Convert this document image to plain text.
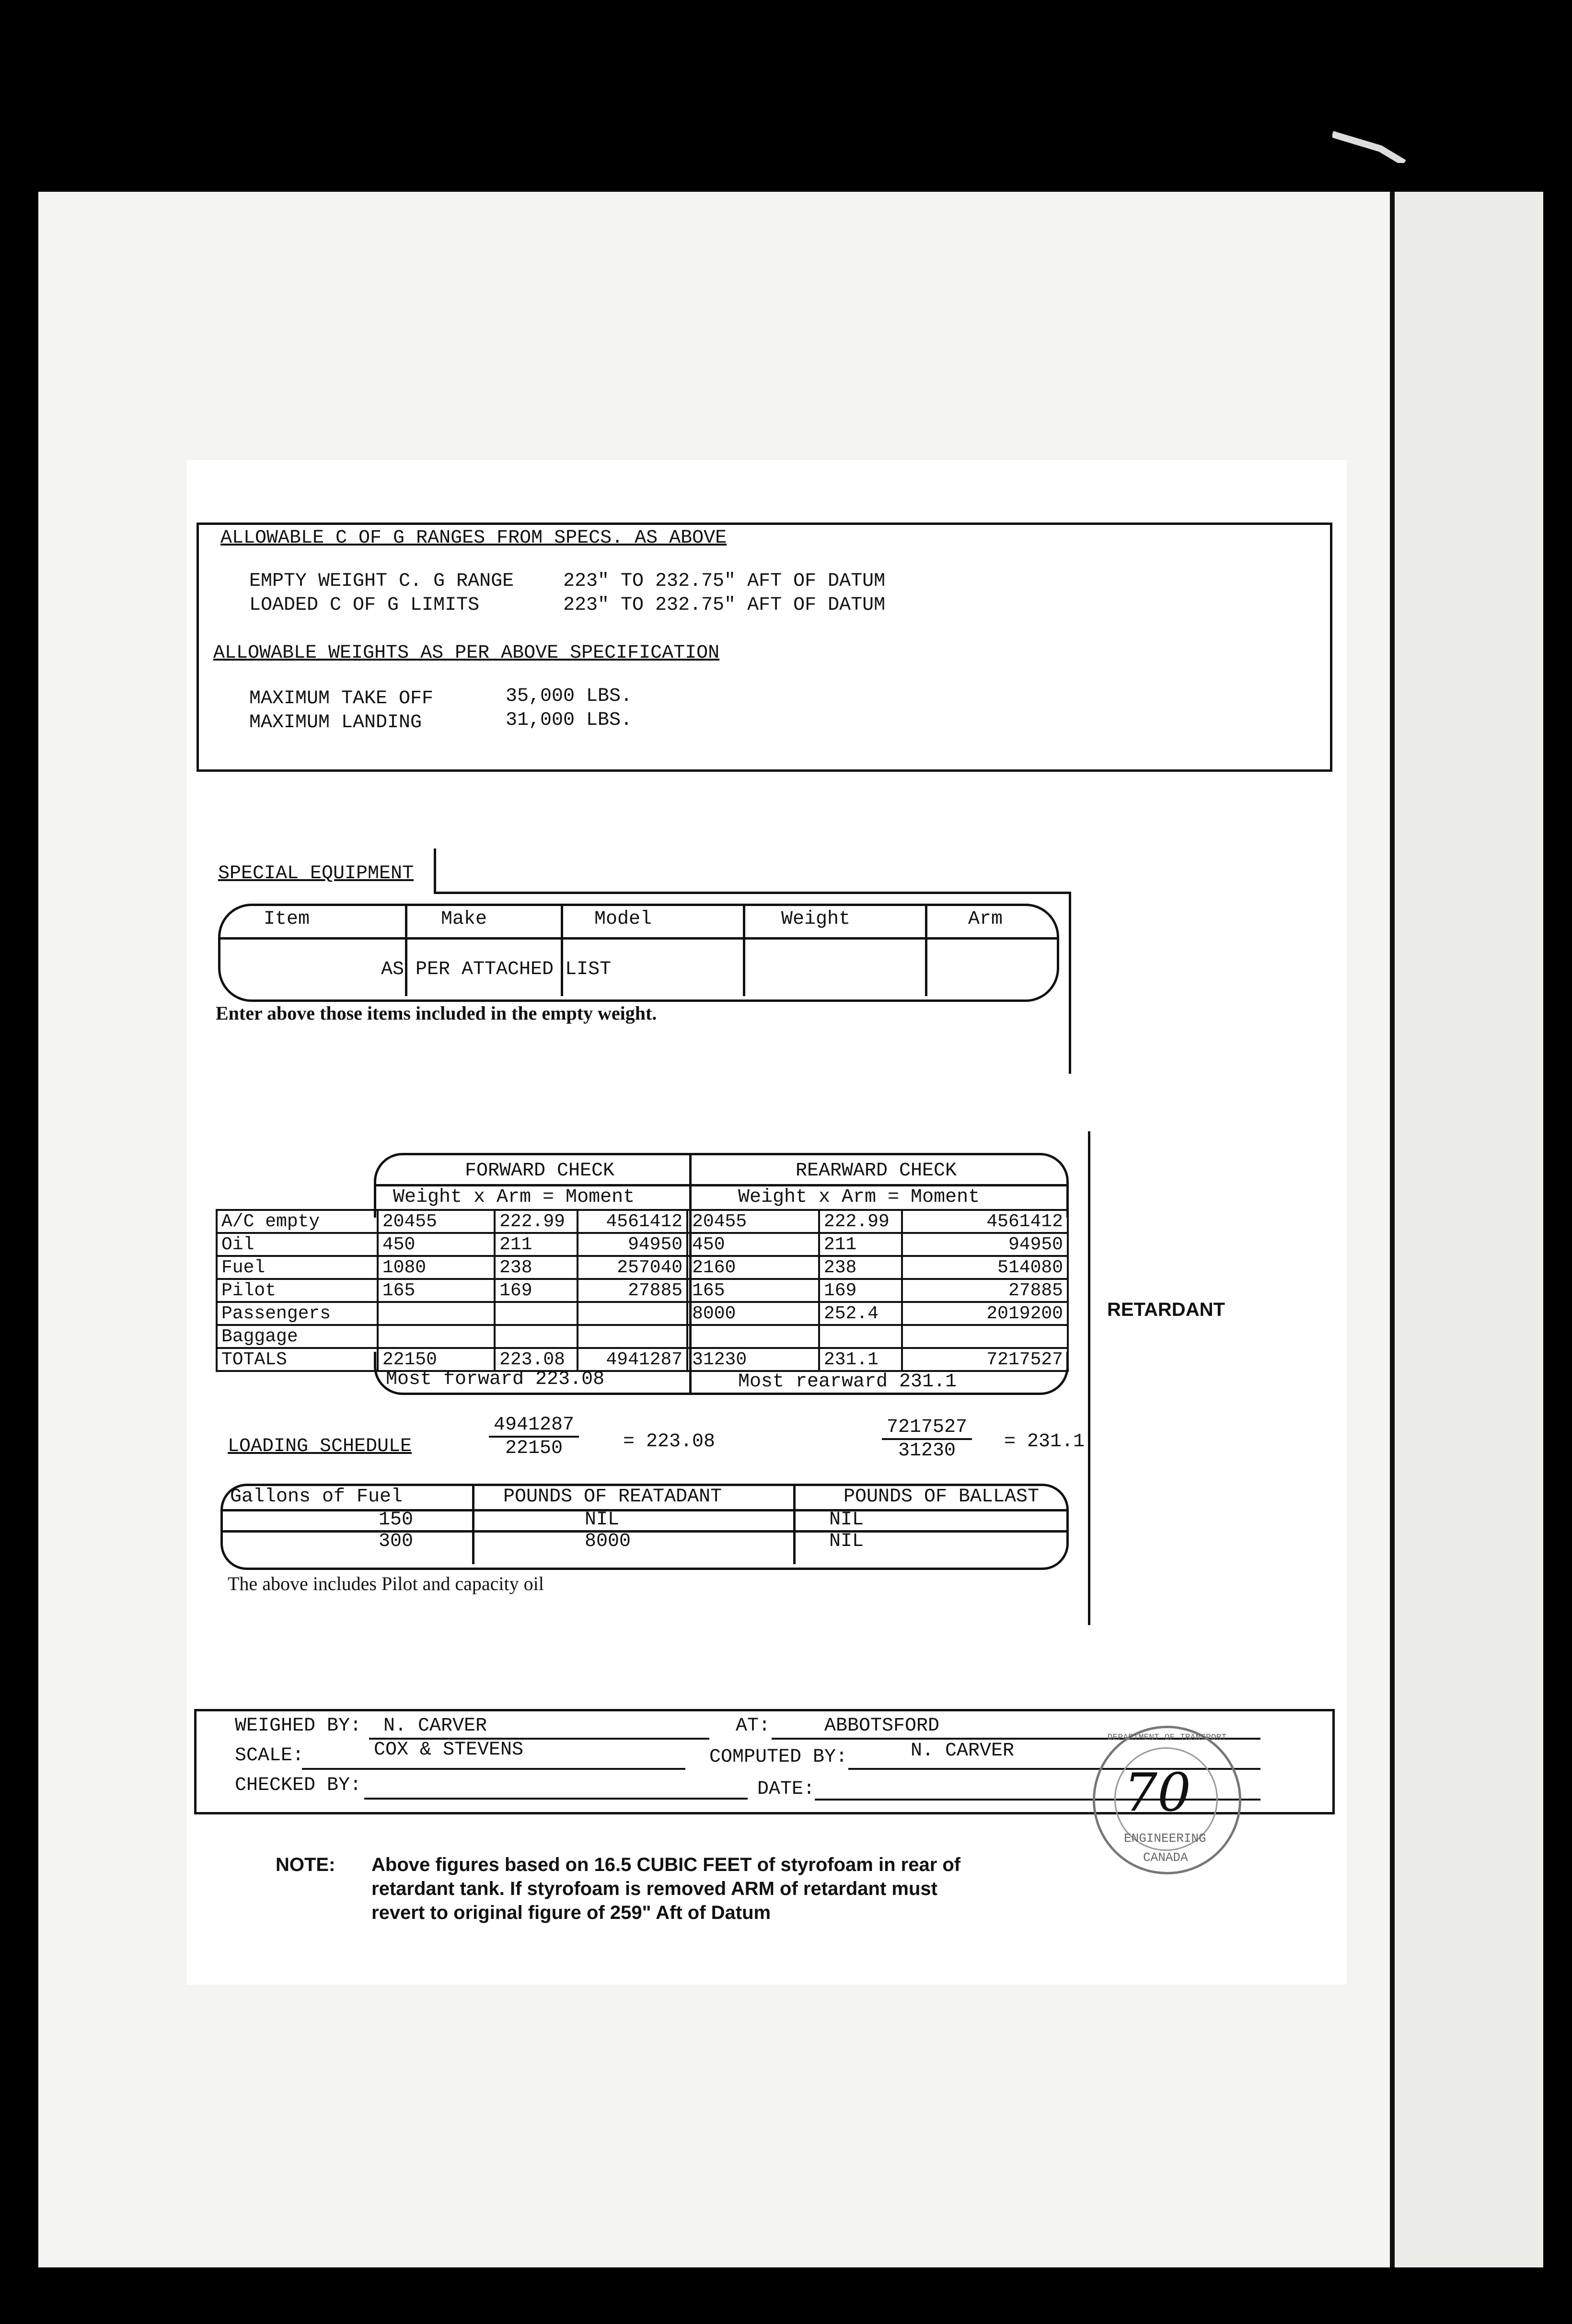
ALLOWABLE C OF G RANGES FROM SPECS. AS ABOVE
EMPTY WEIGHT C. G RANGE	223" TO 232.75" AFT OF DATUM
LOADED C OF G LIMITS	223" TO 232.75" AFT OF DATUM
ALLOWABLE WEIGHTS AS PER ABOVE SPECIFICATION
MAXIMUM TAKE OFF	35,000 LBS.
MAXIMUM LANDING	31,000 LBS.
SPECIAL EQUIPMENT
Item	Make	Model	Weight	Arm
AS PER ATTACHED LIST
Enter above those items included in the empty weight.
FORWARD CHECK	REARWARD CHECK
Weight x Arm = Moment	Weight x Arm = Moment
A/C empty	20455	222.99	4561412	20455	222.99	4561412
Oil	450	211	94950	450	211	94950
Fuel	1080	238	257040	2160	238	514080
Pilot	165	169	27885	165	169	27885
Passengers				8000	252.4	2019200
Baggage						
TOTALS	22150	223.08	4941287	31230	231.1	7217527
Most forward 223.08	Most rearward 231.1
RETARDANT
LOADING SCHEDULE	$\frac{4941287}{22150} = 223.08$	$\frac{7217527}{31230} = 231.1$
Gallons of Fuel	POUNDS OF REATADANT	POUNDS OF BALLAST
150	NIL	NIL
300	8000	NIL
The above includes Pilot and capacity oil
WEIGHED BY: N. CARVER	AT:	ABBOTSFORD
SCALE:	COX & STEVENS	COMPUTED BY:	N. CARVER
CHECKED BY:	DATE:
DEPARTMENT OF TRANSPORT
70
ENGINEERING
CANADA
NOTE: Above figures based on 16.5 CUBIC FEET of styrofoam in rear of
retardant tank. If styrofoam is removed ARM of retardant must
revert to original figure of 259" Aft of Datum
